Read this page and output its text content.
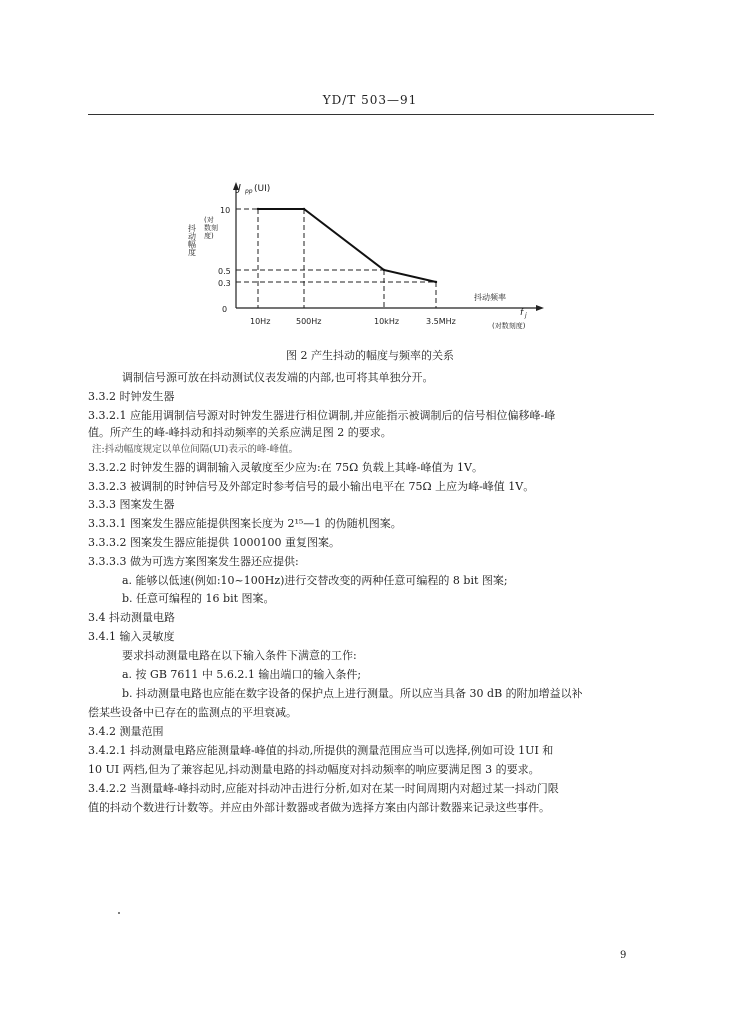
YD/T 503—91
J pp (UI)
(对
数刻
度)
抖动幅度
10
0.5
0.3
0
10Hz	500Hz	10kHz	3.5MHz
抖动频率
f j
(对数刻度)
图 2 产生抖动的幅度与频率的关系
调制信号源可放在抖动测试仪表发端的内部,也可将其单独分开。
3.3.2 时钟发生器
3.3.2.1 应能用调制信号源对时钟发生器进行相位调制,并应能指示被调制后的信号相位偏移峰-峰
值。所产生的峰-峰抖动和抖动频率的关系应满足图 2 的要求。
注:抖动幅度规定以单位间隔(UI)表示的峰-峰值。
3.3.2.2 时钟发生器的调制输入灵敏度至少应为:在 75Ω 负载上其峰-峰值为 1V。
3.3.2.3 被调制的时钟信号及外部定时参考信号的最小输出电平在 75Ω 上应为峰-峰值 1V。
3.3.3 图案发生器
3.3.3.1 图案发生器应能提供图案长度为 2¹⁵—1 的伪随机图案。
3.3.3.2 图案发生器应能提供 1000100 重复图案。
3.3.3.3 做为可选方案图案发生器还应提供:
a. 能够以低速(例如:10~100Hz)进行交替改变的两种任意可编程的 8 bit 图案;
b. 任意可编程的 16 bit 图案。
3.4 抖动测量电路
3.4.1 输入灵敏度
要求抖动测量电路在以下输入条件下满意的工作:
a. 按 GB 7611 中 5.6.2.1 输出端口的输入条件;
b. 抖动测量电路也应能在数字设备的保护点上进行测量。所以应当具备 30 dB 的附加增益以补
偿某些设备中已存在的监测点的平坦衰减。
3.4.2 测量范围
3.4.2.1 抖动测量电路应能测量峰-峰值的抖动,所提供的测量范围应当可以选择,例如可设 1UI 和
10 UI 两档,但为了兼容起见,抖动测量电路的抖动幅度对抖动频率的响应要满足图 3 的要求。
3.4.2.2 当测量峰-峰抖动时,应能对抖动冲击进行分析,如对在某一时间周期内对超过某一抖动门限
值的抖动个数进行计数等。并应由外部计数器或者做为选择方案由内部计数器来记录这些事件。
9
